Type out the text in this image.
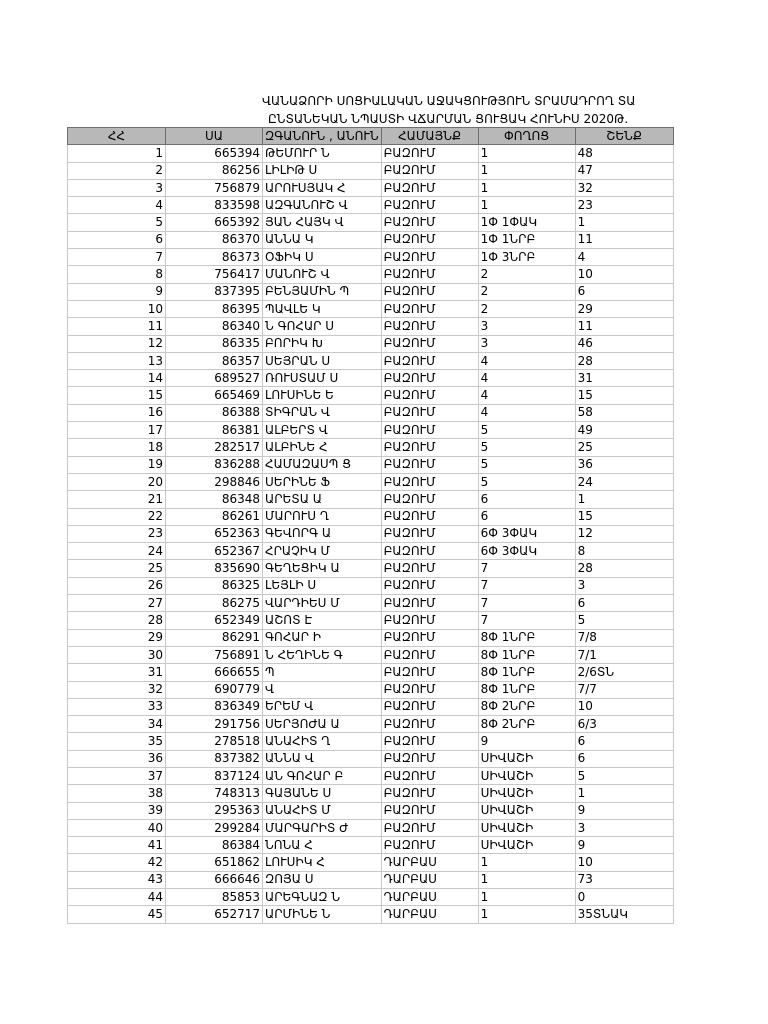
ՎԱՆԱՁՈՐԻ ՍՈՑԻԱԼԱԿԱՆ ԱՋԱԿՑՈՒԹՅՈՒՆ ՏՐԱՄԱԴՐՈՂ ՏԱ
ԸՆՏԱՆԵԿԱՆ ՆՊԱՍՏԻ ՎՃԱՐՄԱՆ ՑՈՒՑԱԿ ՀՈՒՆԻՍ 2020Թ.
ՀՀ	ՍԱ	ԶԳԱՆՈՒՆ , ԱՆՈՒՆ	ՀԱՄԱՅՆՔ	ՓՈՂՈՑ	ՇԵՆՔ
1	665394	ԹԵՄՈՒՐ Ն	ԲԱԶՈՒՄ	1	48
2	86256	ԼԻԼԻԹ Ս	ԲԱԶՈՒՄ	1	47
3	756879	ԱՐՈՒՍՅԱԿ Հ	ԲԱԶՈՒՄ	1	32
4	833598	ԱԶԳԱՆՈՒՇ Վ	ԲԱԶՈՒՄ	1	23
5	665392	ՅԱՆ ՀԱՅԿ Վ	ԲԱԶՈՒՄ	1Փ 1ՓԱԿ	1
6	86370	ԱՆՆԱ Կ	ԲԱԶՈՒՄ	1Փ 1ՆՐԲ	11
7	86373	ՕՖԻԿ Ս	ԲԱԶՈՒՄ	1Փ 3ՆՐԲ	4
8	756417	ՄԱՆՈՒՇ Վ	ԲԱԶՈՒՄ	2	10
9	837395	ԲԵՆՅԱՄԻՆ Պ	ԲԱԶՈՒՄ	2	6
10	86395	ՊԱՎԼԵ Կ	ԲԱԶՈՒՄ	2	29
11	86340	Ն ԳՈՀԱՐ Ս	ԲԱԶՈՒՄ	3	11
12	86335	ԲՈՐԻԿ Խ	ԲԱԶՈՒՄ	3	46
13	86357	ՍԵՅՐԱՆ Ս	ԲԱԶՈՒՄ	4	28
14	689527	ՌՈՒՍՏԱՄ Ս	ԲԱԶՈՒՄ	4	31
15	665469	ԼՈՒՍԻՆԵ Ե	ԲԱԶՈՒՄ	4	15
16	86388	ՏԻԳՐԱՆ Վ	ԲԱԶՈՒՄ	4	58
17	86381	ԱԼԲԵՐՏ Վ	ԲԱԶՈՒՄ	5	49
18	282517	ԱԼԲԻՆԵ Հ	ԲԱԶՈՒՄ	5	25
19	836288	ՀԱՄԱԶԱՍՊ Ց	ԲԱԶՈՒՄ	5	36
20	298846	ՍԵՐԻՆԵ Ֆ	ԲԱԶՈՒՄ	5	24
21	86348	ԱՐԵՏԱ Ա	ԲԱԶՈՒՄ	6	1
22	86261	ՄԱՐՈՒՍ Ղ	ԲԱԶՈՒՄ	6	15
23	652363	ԳԵՎՈՐԳ Ա	ԲԱԶՈՒՄ	6Փ 3ՓԱԿ	12
24	652367	ՀՐԱՉԻԿ Մ	ԲԱԶՈՒՄ	6Փ 3ՓԱԿ	8
25	835690	ԳԵՂԵՑԻԿ Ա	ԲԱԶՈՒՄ	7	28
26	86325	ԼԵՅԼԻ Ս	ԲԱԶՈՒՄ	7	3
27	86275	ՎԱՐԴԻԵՍ Մ	ԲԱԶՈՒՄ	7	6
28	652349	ԱՇՈՏ Է	ԲԱԶՈՒՄ	7	5
29	86291	ԳՈՀԱՐ Ի	ԲԱԶՈՒՄ	8Փ 1ՆՐԲ	7/8
30	756891	Ն ՀԵՂԻՆԵ Գ	ԲԱԶՈՒՄ	8Փ 1ՆՐԲ	7/1
31	666655	Պ	ԲԱԶՈՒՄ	8Փ 1ՆՐԲ	2/6ՏՆ
32	690779	Վ	ԲԱԶՈՒՄ	8Փ 1ՆՐԲ	7/7
33	836349	ԵՐԵՄ Վ	ԲԱԶՈՒՄ	8Փ 2ՆՐԲ	10
34	291756	ՍԵՐՅՈԺԱ Ա	ԲԱԶՈՒՄ	8Փ 2ՆՐԲ	6/3
35	278518	ԱՆԱՀԻՏ Ղ	ԲԱԶՈՒՄ	9	6
36	837382	ԱՆՆԱ Վ	ԲԱԶՈՒՄ	ՍԻՎԱՇԻ	6
37	837124	ԱՆ ԳՈՀԱՐ Բ	ԲԱԶՈՒՄ	ՍԻՎԱՇԻ	5
38	748313	ԳԱՅԱՆԵ Ս	ԲԱԶՈՒՄ	ՍԻՎԱՇԻ	1
39	295363	ԱՆԱՀԻՏ Մ	ԲԱԶՈՒՄ	ՍԻՎԱՇԻ	9
40	299284	ՄԱՐԳԱՐԻՏ Ժ	ԲԱԶՈՒՄ	ՍԻՎԱՇԻ	3
41	86384	ՆՈՆԱ Հ	ԲԱԶՈՒՄ	ՍԻՎԱՇԻ	9
42	651862	ԼՈՒՍԻԿ Հ	ԴԱՐԲԱՍ	1	10
43	666646	ԶՈՅԱ Ս	ԴԱՐԲԱՍ	1	73
44	85853	ԱՐԵԳՆԱԶ Ն	ԴԱՐԲԱՍ	1	0
45	652717	ԱՐՄԻՆԵ Ն	ԴԱՐԲԱՍ	1	35ՏՆԱԿ
